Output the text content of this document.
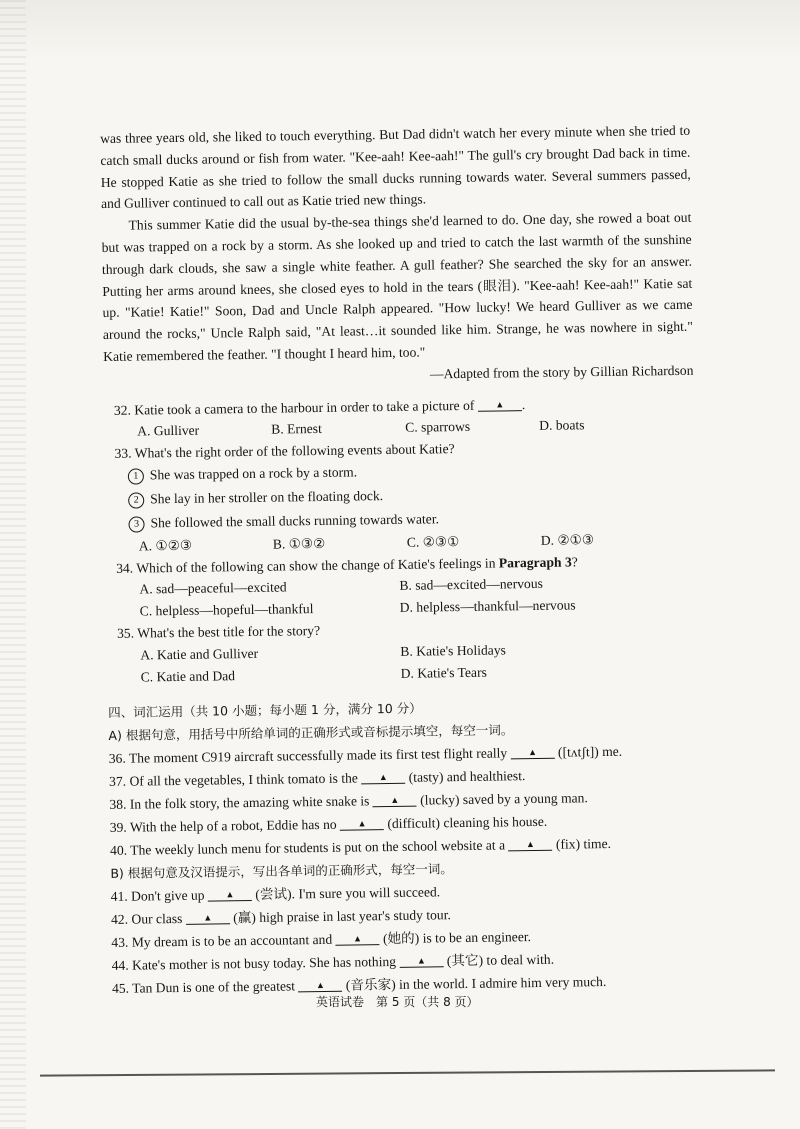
was three years old, she liked to touch everything. But Dad didn't watch her every minute when she tried to catch small ducks around or fish from water. "Kee-aah! Kee-aah!" The gull's cry brought Dad back in time. He stopped Katie as she tried to follow the small ducks running towards water. Several summers passed, and Gulliver continued to call out as Katie tried new things.

This summer Katie did the usual by-the-sea things she'd learned to do. One day, she rowed a boat out but was trapped on a rock by a storm. As she looked up and tried to catch the last warmth of the sunshine through dark clouds, she saw a single white feather. A gull feather? She searched the sky for an answer. Putting her arms around knees, she closed eyes to hold in the tears (眼泪). "Kee-aah! Kee-aah!" Katie sat up. "Katie! Katie!" Soon, Dad and Uncle Ralph appeared. "How lucky! We heard Gulliver as we came around the rocks," Uncle Ralph said, "At least…it sounded like him. Strange, he was nowhere in sight." Katie remembered the feather. "I thought I heard him, too."

—Adapted from the story by Gillian Richardson
32. Katie took a camera to the harbour in order to take a picture of ▲ .
A. Gulliver	B. Ernest	C. sparrows	D. boats
33. What's the right order of the following events about Katie?
1 She was trapped on a rock by a storm.
2 She lay in her stroller on the floating dock.
3 She followed the small ducks running towards water.
A. ①②③	B. ①③②	C. ②③①	D. ②①③
34. Which of the following can show the change of Katie's feelings in Paragraph 3?
A. sad—peaceful—excited	B. sad—excited—nervous
C. helpless—hopeful—thankful	D. helpless—thankful—nervous
35. What's the best title for the story?
A. Katie and Gulliver	B. Katie's Holidays
C. Katie and Dad	D. Katie's Tears
四、词汇运用（共 10 小题；每小题 1 分，满分 10 分）
A) 根据句意，用括号中所给单词的正确形式或音标提示填空，每空一词。
36. The moment C919 aircraft successfully made its first test flight really ▲ ([tʌtʃt]) me.
37. Of all the vegetables, I think tomato is the ▲ (tasty) and healthiest.
38. In the folk story, the amazing white snake is ▲ (lucky) saved by a young man.
39. With the help of a robot, Eddie has no ▲ (difficult) cleaning his house.
40. The weekly lunch menu for students is put on the school website at a ▲ (fix) time.
B) 根据句意及汉语提示，写出各单词的正确形式，每空一词。
41. Don't give up ▲ (尝试). I'm sure you will succeed.
42. Our class ▲ (赢) high praise in last year's study tour.
43. My dream is to be an accountant and ▲ (她的) is to be an engineer.
44. Kate's mother is not busy today. She has nothing ▲ (其它) to deal with.
45. Tan Dun is one of the greatest ▲ (音乐家) in the world. I admire him very much.
英语试卷　第 5 页（共 8 页）
